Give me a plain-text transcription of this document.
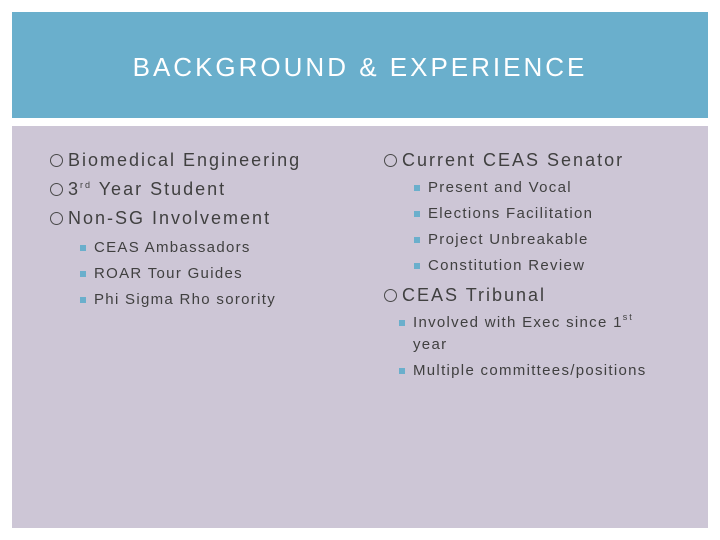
BACKGROUND & EXPERIENCE
Biomedical Engineering
3rd Year Student
Non-SG Involvement
CEAS Ambassadors
ROAR Tour Guides
Phi Sigma Rho sorority
Current CEAS Senator
Present and Vocal
Elections Facilitation
Project Unbreakable
Constitution Review
CEAS Tribunal
Involved with Exec since 1st
year
Multiple committees/positions
